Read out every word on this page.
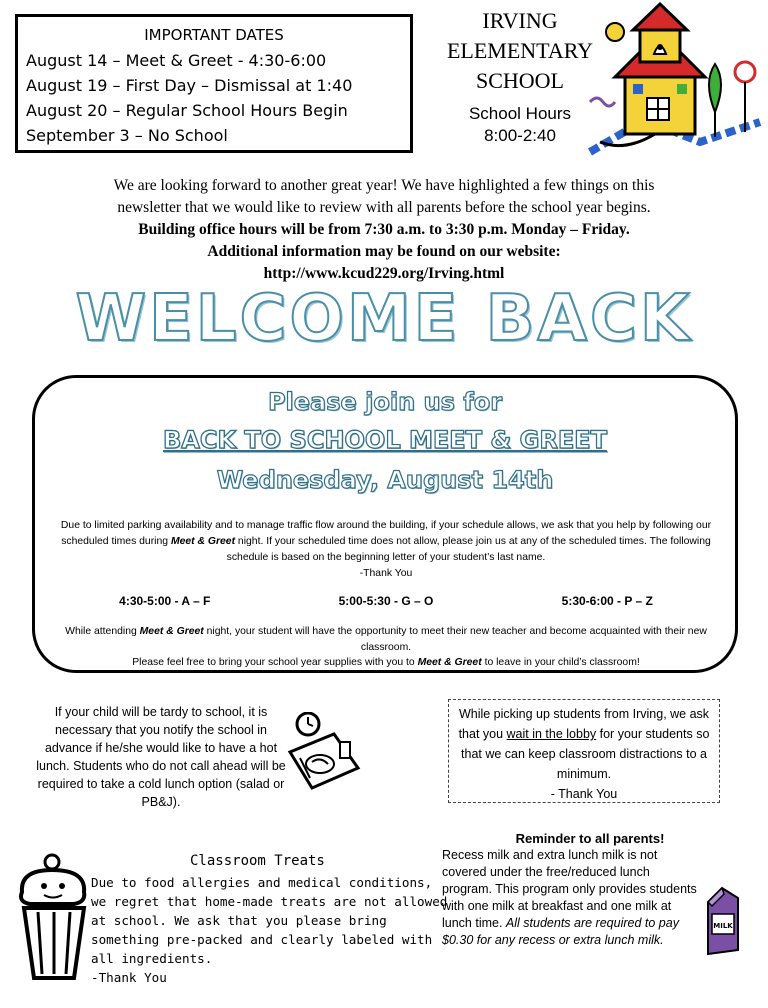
IMPORTANT DATES
August 14 – Meet & Greet - 4:30-6:00
August 19 – First Day – Dismissal at 1:40
August 20 – Regular School Hours Begin
September 3 – No School
IRVING
ELEMENTARY
SCHOOL
School Hours
8:00-2:40
We are looking forward to another great year! We have highlighted a few things on this
newsletter that we would like to review with all parents before the school year begins.
Building office hours will be from 7:30 a.m. to 3:30 p.m. Monday – Friday.
Additional information may be found on our website:
http://www.kcud229.org/Irving.html
WELCOME BACK
Please join us for
BACK TO SCHOOL MEET & GREET
Wednesday, August 14th
Due to limited parking availability and to manage traffic flow around the building, if your schedule allows, we ask that you help by following our scheduled times during Meet & Greet night. If your scheduled time does not allow, please join us at any of the scheduled times. The following schedule is based on the beginning letter of your student’s last name.
-Thank You
4:30-5:00 - A – F	5:00-5:30 - G – O	5:30-6:00 - P – Z
While attending Meet & Greet night, your student will have the opportunity to meet their new teacher and become acquainted with their new classroom.
Please feel free to bring your school year supplies with you to Meet & Greet to leave in your child’s classroom!
If your child will be tardy to school, it is necessary that you notify the school in advance if he/she would like to have a hot lunch. Students who do not call ahead will be required to take a cold lunch option (salad or PB&J).
While picking up students from Irving, we ask that you wait in the lobby for your students so that we can keep classroom distractions to a minimum.
- Thank You
Reminder to all parents!
Recess milk and extra lunch milk is not covered under the free/reduced lunch program. This program only provides students with one milk at breakfast and one milk at lunch time. All students are required to pay $0.30 for any recess or extra lunch milk.
MILK
Classroom Treats
Due to food allergies and medical conditions, we regret that home-made treats are not allowed at school. We ask that you please bring something pre-packed and clearly labeled with all ingredients.
-Thank You
